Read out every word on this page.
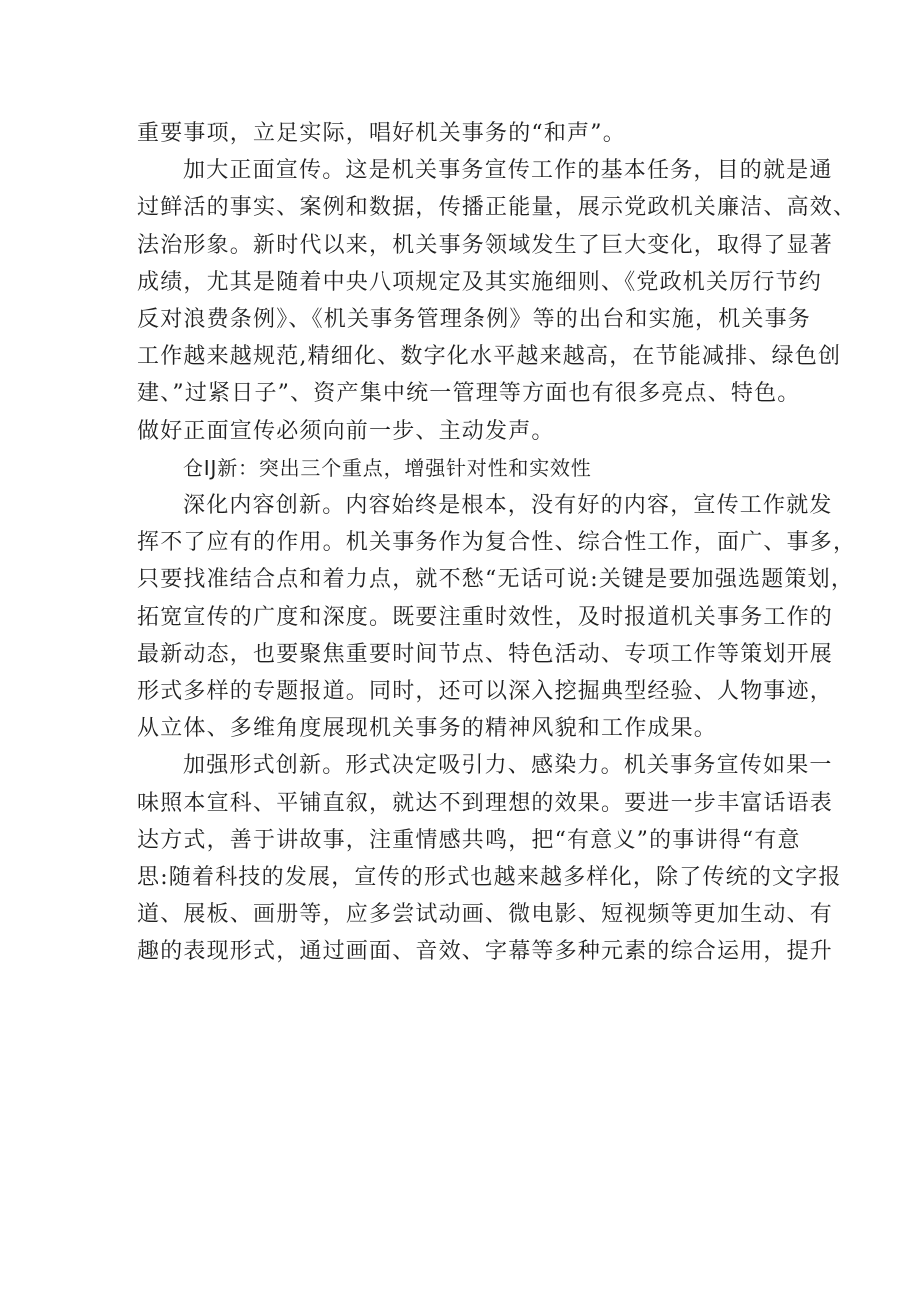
重要事项，立足实际，唱好机关事务的“和声”。
加大正面宣传。这是机关事务宣传工作的基本任务，目的就是通
过鲜活的事实、案例和数据，传播正能量，展示党政机关廉洁、高效、
法治形象。新时代以来，机关事务领域发生了巨大变化，取得了显著
成绩，尤其是随着中央八项规定及其实施细则、《党政机关厉行节约
反对浪费条例》、《机关事务管理条例》等的出台和实施，机关事务
工作越来越规范,精细化、数字化水平越来越高，在节能减排、绿色创
建、”过紧日子”、资产集中统一管理等方面也有很多亮点、特色。
做好正面宣传必须向前一步、主动发声。
仓IJ新：突出三个重点，增强针对性和实效性
深化内容创新。内容始终是根本，没有好的内容，宣传工作就发
挥不了应有的作用。机关事务作为复合性、综合性工作，面广、事多，
只要找准结合点和着力点，就不愁“无话可说:关键是要加强选题策划，
拓宽宣传的广度和深度。既要注重时效性，及时报道机关事务工作的
最新动态，也要聚焦重要时间节点、特色活动、专项工作等策划开展
形式多样的专题报道。同时，还可以深入挖掘典型经验、人物事迹，
从立体、多维角度展现机关事务的精神风貌和工作成果。
加强形式创新。形式决定吸引力、感染力。机关事务宣传如果一
味照本宣科、平铺直叙，就达不到理想的效果。要进一步丰富话语表
达方式，善于讲故事，注重情感共鸣，把“有意义”的事讲得“有意
思:随着科技的发展，宣传的形式也越来越多样化，除了传统的文字报
道、展板、画册等，应多尝试动画、微电影、短视频等更加生动、有
趣的表现形式，通过画面、音效、字幕等多种元素的综合运用，提升
